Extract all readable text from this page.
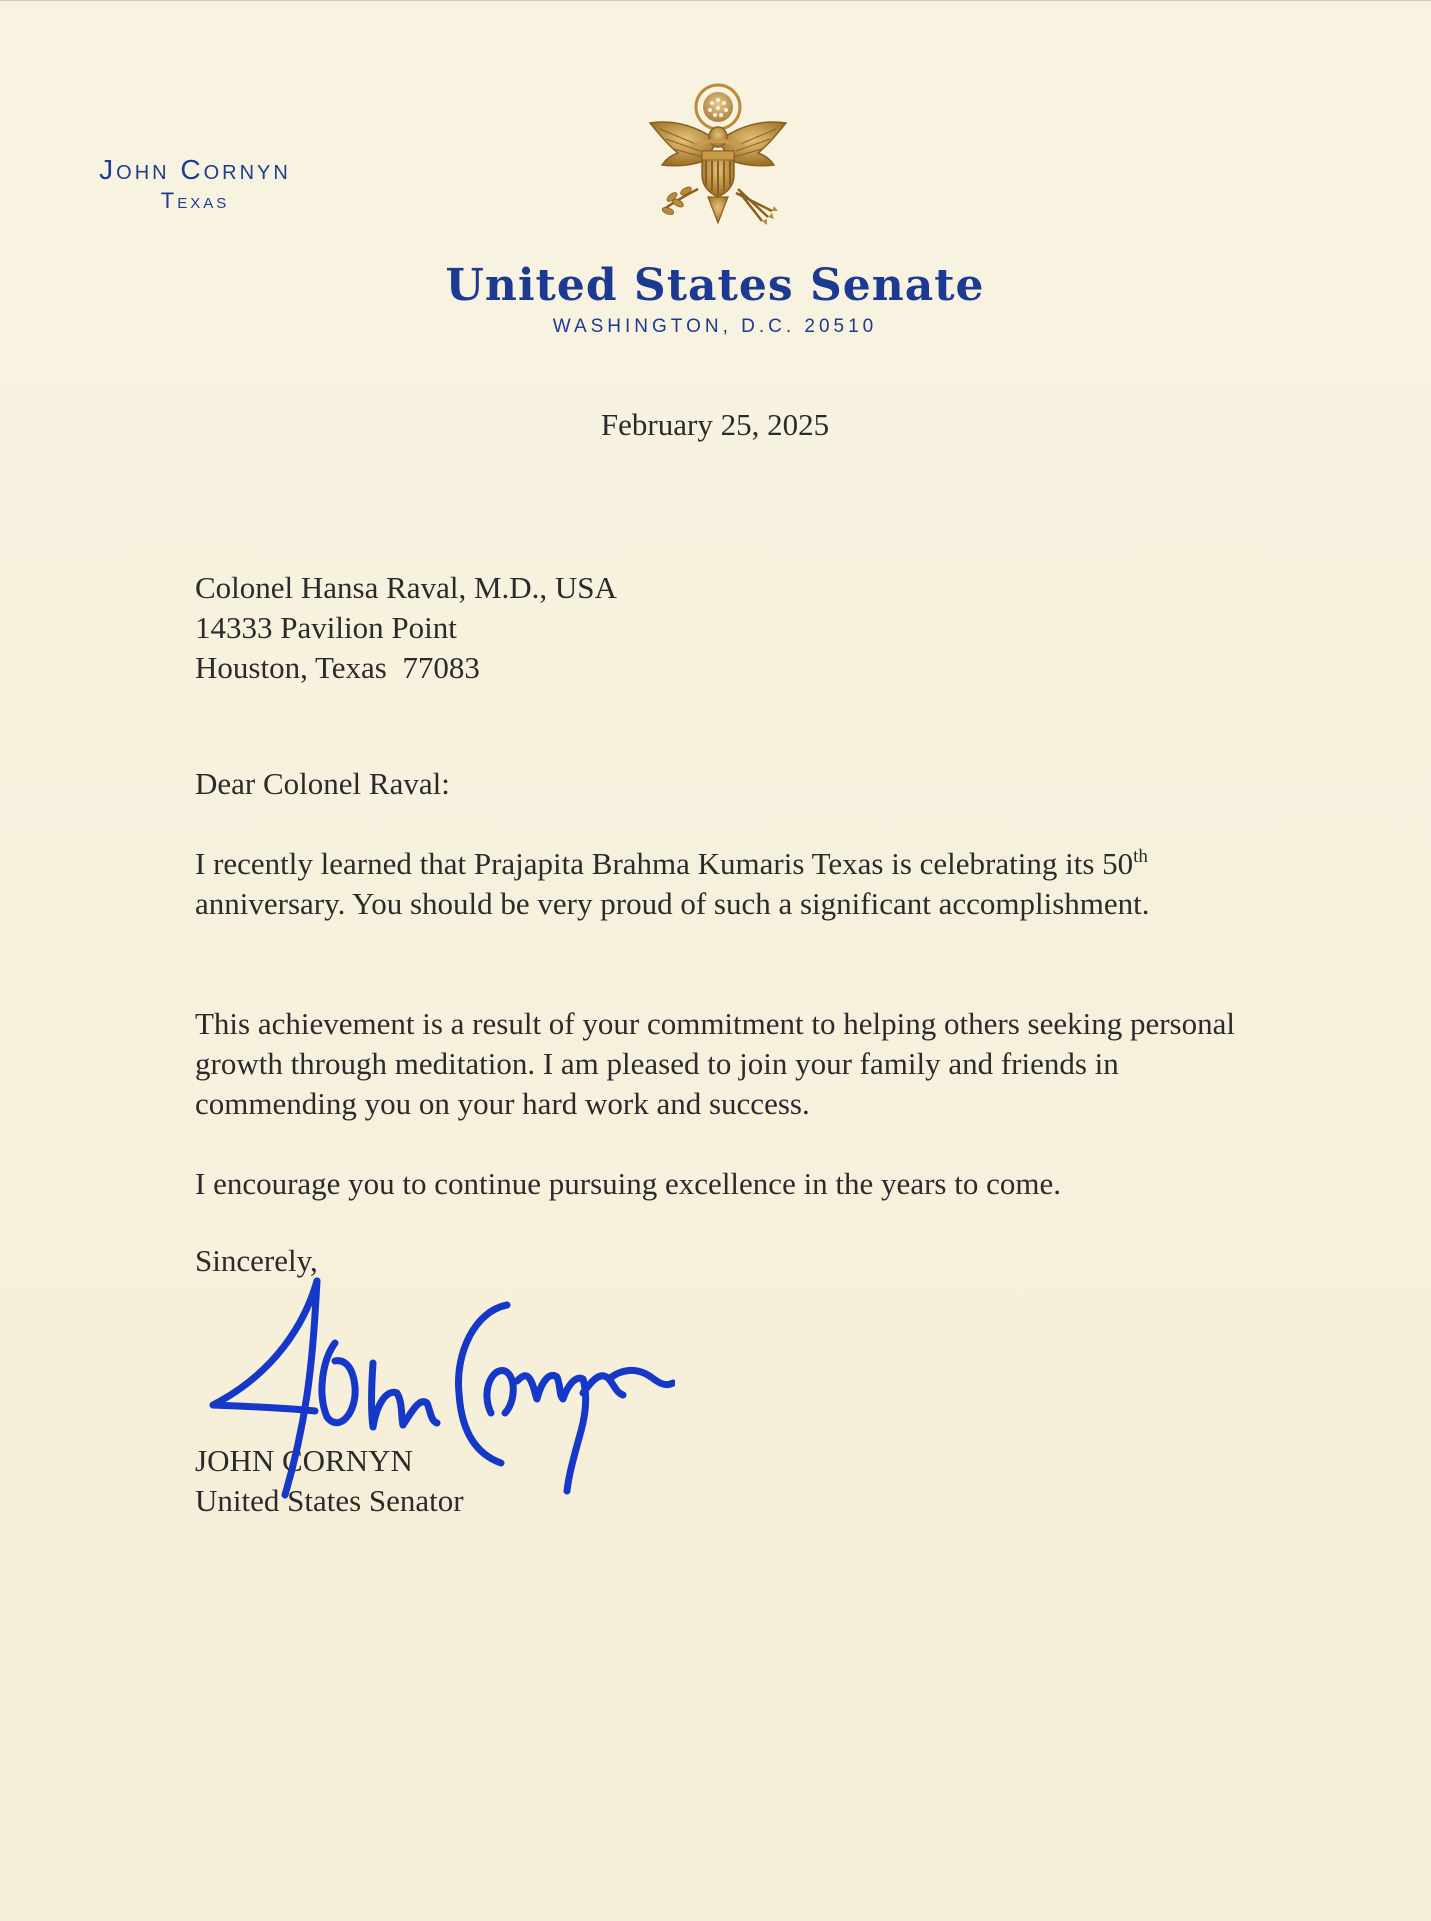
John Cornyn
Texas
United States Senate
WASHINGTON, D.C. 20510
February 25, 2025
Colonel Hansa Raval, M.D., USA
14333 Pavilion Point
Houston, Texas  77083
Dear Colonel Raval:

I recently learned that Prajapita Brahma Kumaris Texas is celebrating its 50th anniversary. You should be very proud of such a significant accomplishment.

This achievement is a result of your commitment to helping others seeking personal growth through meditation. I am pleased to join your family and friends in commending you on your hard work and success.

I encourage you to continue pursuing excellence in the years to come.

Sincerely,
JOHN CORNYN
United States Senator
